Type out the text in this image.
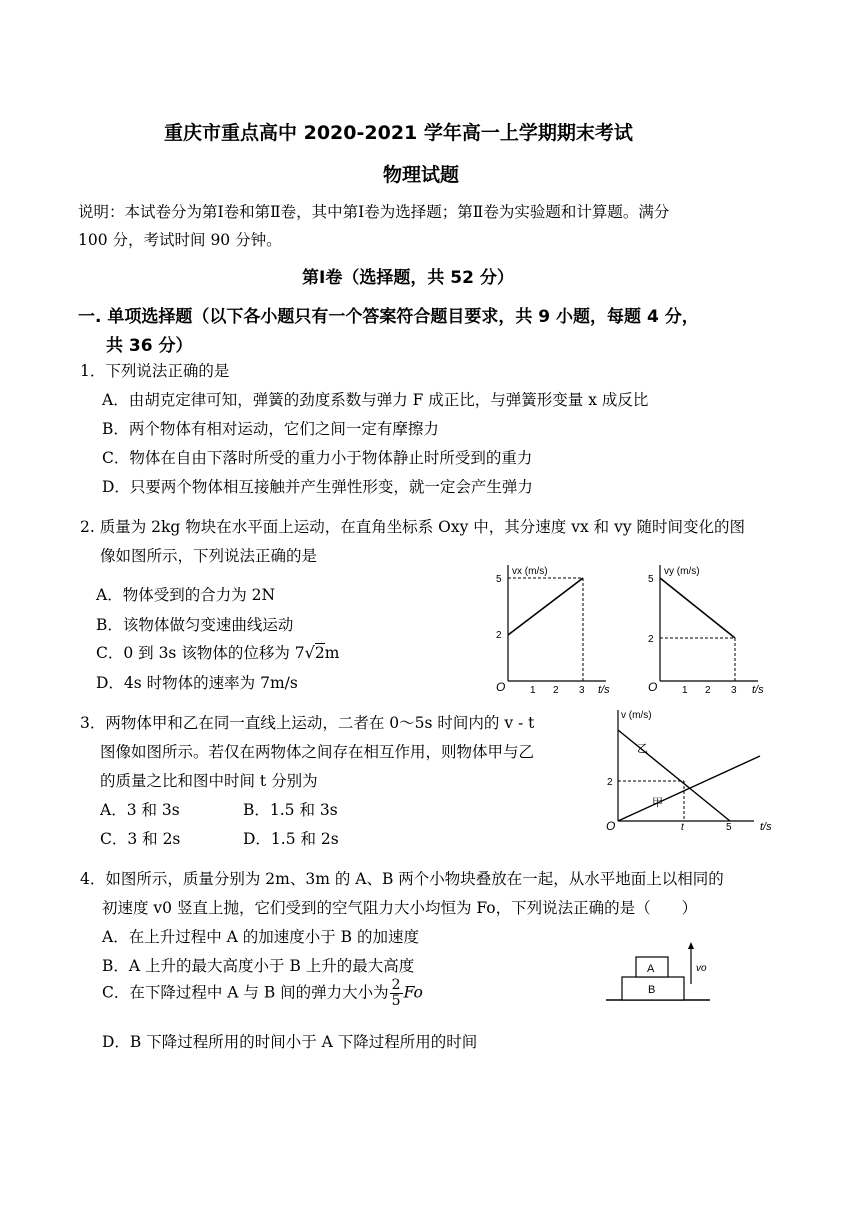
重庆市重点高中 2020-2021 学年高一上学期期末考试
物理试题
说明：本试卷分为第Ⅰ卷和第Ⅱ卷，其中第Ⅰ卷为选择题；第Ⅱ卷为实验题和计算题。满分
100 分，考试时间 90 分钟。
第Ⅰ卷（选择题，共 52 分）
一. 单项选择题（以下各小题只有一个答案符合题目要求，共 9 小题，每题 4 分，
共 36 分）
1．下列说法正确的是
A．由胡克定律可知，弹簧的劲度系数与弹力 F 成正比，与弹簧形变量 x 成反比
B．两个物体有相对运动，它们之间一定有摩擦力
C．物体在自由下落时所受的重力小于物体静止时所受到的重力
D．只要两个物体相互接触并产生弹性形变，就一定会产生弹力
2. 质量为 2kg 物块在水平面上运动，在直角坐标系 Oxy 中，其分速度 vx 和 vy 随时间变化的图
像如图所示，下列说法正确的是
A．物体受到的合力为 2N
B．该物体做匀变速曲线运动
C．0 到 3s 该物体的位移为 7√2m
D．4s 时物体的速率为 7m/s
vx (m/s)
5
2
O 1 2 3 t/s
vy (m/s)
5
2
O 1 2 3 t/s
3．两物体甲和乙在同一直线上运动，二者在 0～5s 时间内的 v - t
图像如图所示。若仅在两物体之间存在相互作用，则物体甲与乙
的质量之比和图中时间 t 分别为
A．3 和 3s	B．1.5 和 3s
C．3 和 2s	D．1.5 和 2s
v (m/s)
乙
甲
2
O	t	5	t/s
4．如图所示，质量分别为 2m、3m 的 A、B 两个小物块叠放在一起，从水平地面上以相同的
初速度 v0 竖直上抛，它们受到的空气阻力大小均恒为 Fo，下列说法正确的是（　　）
A．在上升过程中 A 的加速度小于 B 的加速度
B．A 上升的最大高度小于 B 上升的最大高度
C．在下降过程中 A 与 B 间的弹力大小为 $\frac{2}{5}$ Fo
D．B 下降过程所用的时间小于 A 下降过程所用的时间
A
B
vo
